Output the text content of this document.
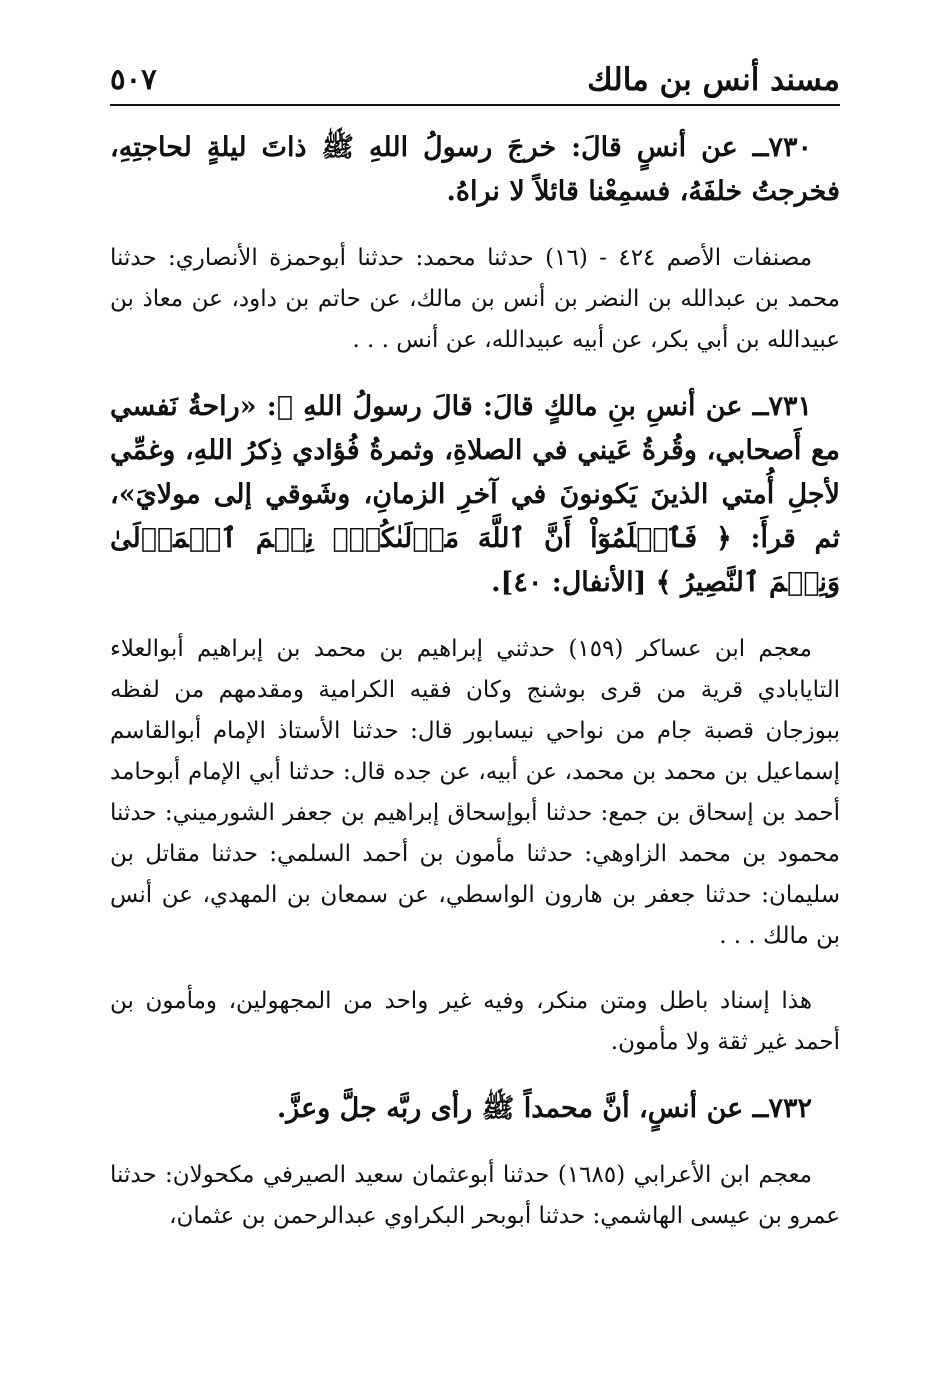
مسند أنس بن مالك
٥٠٧

٧٣٠ــ عن أنسٍ قالَ: خرجَ رسولُ اللهِ ﷺ ذاتَ ليلةٍ لحاجتِهِ، فخرجتُ خلفَهُ، فسمِعْنا قائلاً لا نراهُ.

مصنفات الأصم ٤٢٤ - (١٦) حدثنا محمد: حدثنا أبوحمزة الأنصاري: حدثنا محمد بن عبدالله بن النضر بن أنس بن مالك، عن حاتم بن داود، عن معاذ بن عبيدالله بن أبي بكر، عن أبيه عبيدالله، عن أنس . . .

٧٣١ــ عن أنسِ بنِ مالكٍ قالَ: قالَ رسولُ اللهِ ﷺ: «راحةُ نَفسي مع أَصحابي، وقُرةُ عَيني في الصلاةِ، وثمرةُ فُؤادي ذِكرُ اللهِ، وغمِّي لأجلِ أُمتي الذينَ يَكونونَ في آخرِ الزمانِ، وشَوقي إلى مولايَ»، ثم قرأَ: ﴿ فَٱعۡلَمُوٓاْ أَنَّ ٱللَّهَ مَوۡلَىٰكُمۡۚ نِعۡمَ ٱلۡمَوۡلَىٰ وَنِعۡمَ ٱلنَّصِيرُ ﴾ [الأنفال: ٤٠].

معجم ابن عساكر (١٥٩) حدثني إبراهيم بن محمد بن إبراهيم أبوالعلاء التايابادي قرية من قرى بوشنج وكان فقيه الكرامية ومقدمهم من لفظه ببوزجان قصبة جام من نواحي نيسابور قال: حدثنا الأستاذ الإمام أبوالقاسم إسماعيل بن محمد بن محمد، عن أبيه، عن جده قال: حدثنا أبي الإمام أبوحامد أحمد بن إسحاق بن جمع: حدثنا أبوإسحاق إبراهيم بن جعفر الشورميني: حدثنا محمود بن محمد الزاوهي: حدثنا مأمون بن أحمد السلمي: حدثنا مقاتل بن سليمان: حدثنا جعفر بن هارون الواسطي، عن سمعان بن المهدي، عن أنس بن مالك . . .

هذا إسناد باطل ومتن منكر، وفيه غير واحد من المجهولين، ومأمون بن أحمد غير ثقة ولا مأمون.

٧٣٢ــ عن أنسٍ، أنَّ محمداً ﷺ رأى ربَّه جلَّ وعزَّ.

معجم ابن الأعرابي (١٦٨٥) حدثنا أبوعثمان سعيد الصيرفي مكحولان: حدثنا عمرو بن عيسى الهاشمي: حدثنا أبوبحر البكراوي عبدالرحمن بن عثمان،
